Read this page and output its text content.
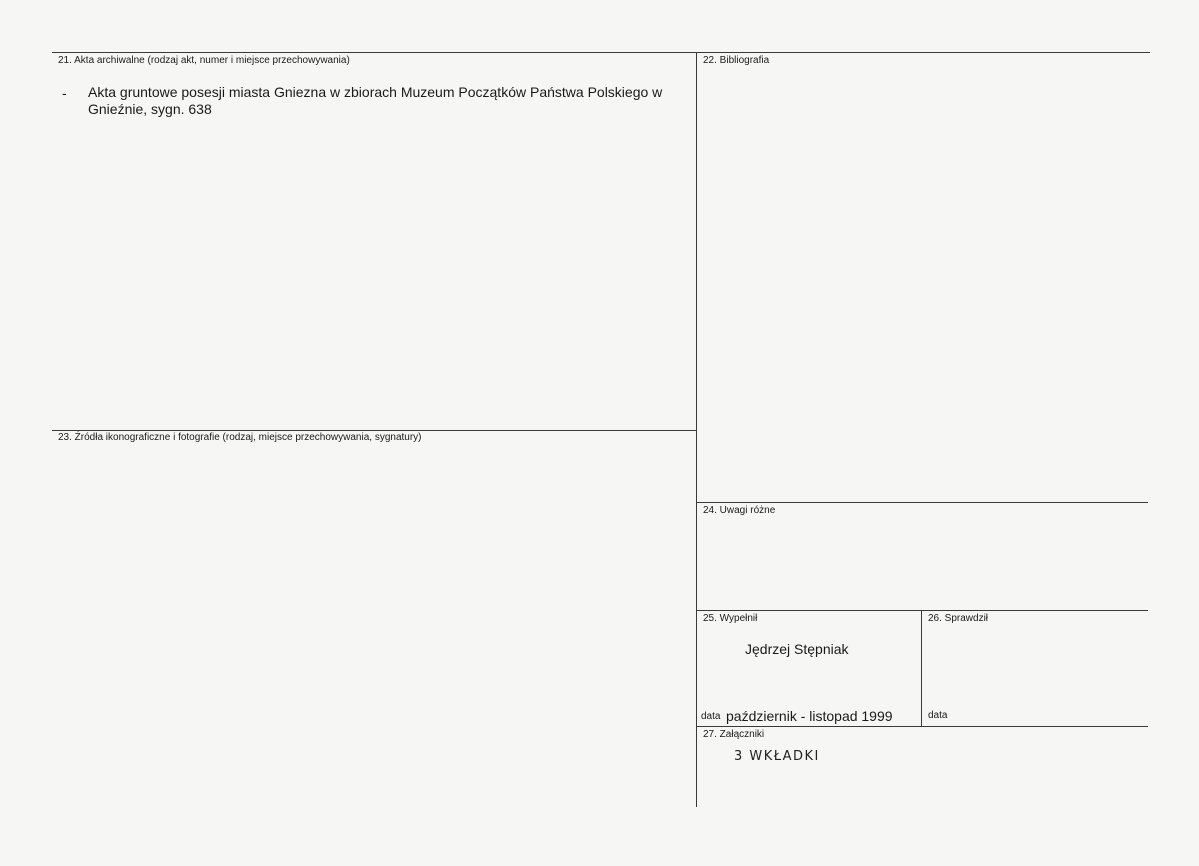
21. Akta archiwalne (rodzaj akt, numer i miejsce przechowywania)
- Akta gruntowe posesji miasta Gniezna w zbiorach Muzeum Początków Państwa Polskiego w Gnieźnie, sygn. 638
22. Bibliografia
23. Źródła ikonograficzne i fotografie (rodzaj, miejsce przechowywania, sygnatury)
24. Uwagi różne
25. Wypełnił
Jędrzej Stępniak
data październik - listopad 1999
26. Sprawdził
data
27. Załączniki
3 WKŁADKI
